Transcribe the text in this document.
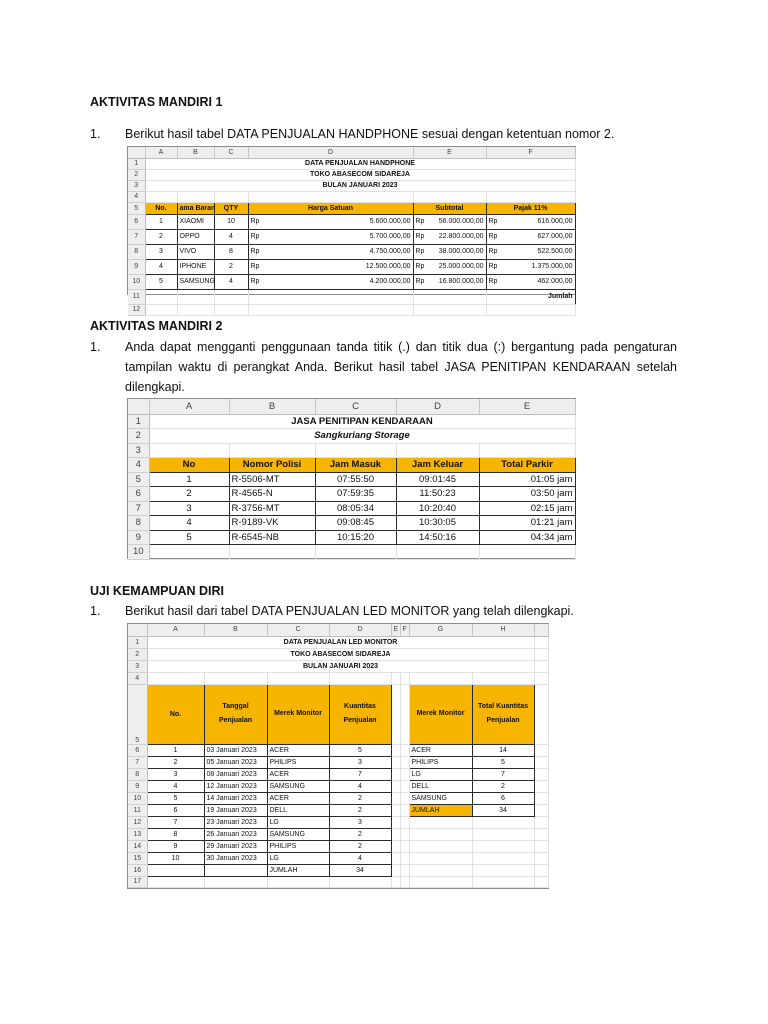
AKTIVITAS MANDIRI 1
1. Berikut hasil tabel DATA PENJUALAN HANDPHONE sesuai dengan ketentuan nomor 2.
	A	B	C	D		E	F	
1	DATA PENJUALAN HANDPHONE							
2	TOKO ABASECOM SIDAREJA							
3	BULAN JANUARI 2023							
4								
5	No.	ama Baran	QTY	Harga Satuan		Subtotal	Pajak 11%	
6	1	XIAOMI	10	Rp	5.600.000,00	Rp 56.000.000,00	Rp 616.000,00

7	2	OPPO	4	Rp	5.700.000,00	Rp 22.800.000,00	Rp 627.000,00

8	3	VIVO	8	Rp	4.750.000,00	Rp 38.000.000,00	Rp 522.500,00

9	4	IPHONE	2	Rp	12.500.000,00	Rp 25.000.000,00	Rp 1.375.000,00

10	5	SAMSUNG	4	Rp	4.200.000,00	Rp 16.800.000,00	Rp 462.000,00

11							Jumlah	

12								
AKTIVITAS MANDIRI 2
1. Anda dapat mengganti penggunaan tanda titik (.) dan titik dua (:) bergantung pada pengaturan
tampilan waktu di perangkat Anda. Berikut hasil tabel JASA PENITIPAN KENDARAAN setelah
dilengkapi.
	A	B	C	D	E
1	JASA PENITIPAN KENDARAAN				
2	Sangkuriang Storage				
3					
4	No	Nomor Polisi	Jam Masuk	Jam Keluar	Total Parkir
5	1	R-5506-MT	07:55:50	09:01:45	01:05 jam
6	2	R-4565-N	07:59:35	11:50:23	03:50 jam
7	3	R-3756-MT	08:05:34	10:20:40	02:15 jam
8	4	R-9189-VK	09:08:45	10:30:05	01:21 jam
9	5	R-6545-NB	10:15:20	14:50:16	04:34 jam
10					
UJI KEMAMPUAN DIRI
1. Berikut hasil dari tabel DATA PENJUALAN LED MONITOR yang telah dilengkapi.
	A	B	C	D	E	F	G	H	
1	DATA PENJUALAN LED MONITOR								
2	TOKO ABASECOM SIDAREJA								
3	BULAN JANUARI 2023								
4									
5	No.	Tanggal Penjualan	Merek Monitor	Kuantitas Penjualan			Merek Monitor	Total Kuantitas Penjualan	
6	1	03 Januari 2023	ACER	5			ACER	14	
7	2	05 Januari 2023	PHILIPS	3			PHILIPS	5	
8	3	08 Januari 2023	ACER	7			LG	7	
9	4	12 Januari 2023	SAMSUNG	4			DELL	2	
10	5	14 Januari 2023	ACER	2			SAMSUNG	6	
11	6	19 Januari 2023	DELL	2			JUMLAH	34	
12	7	23 Januari 2023	LG	3					
13	8	26 Januari 2023	SAMSUNG	2					
14	9	29 Januari 2023	PHILIPS	2					
15	10	30 Januari 2023	LG	4					
16			JUMLAH	34					
17									
